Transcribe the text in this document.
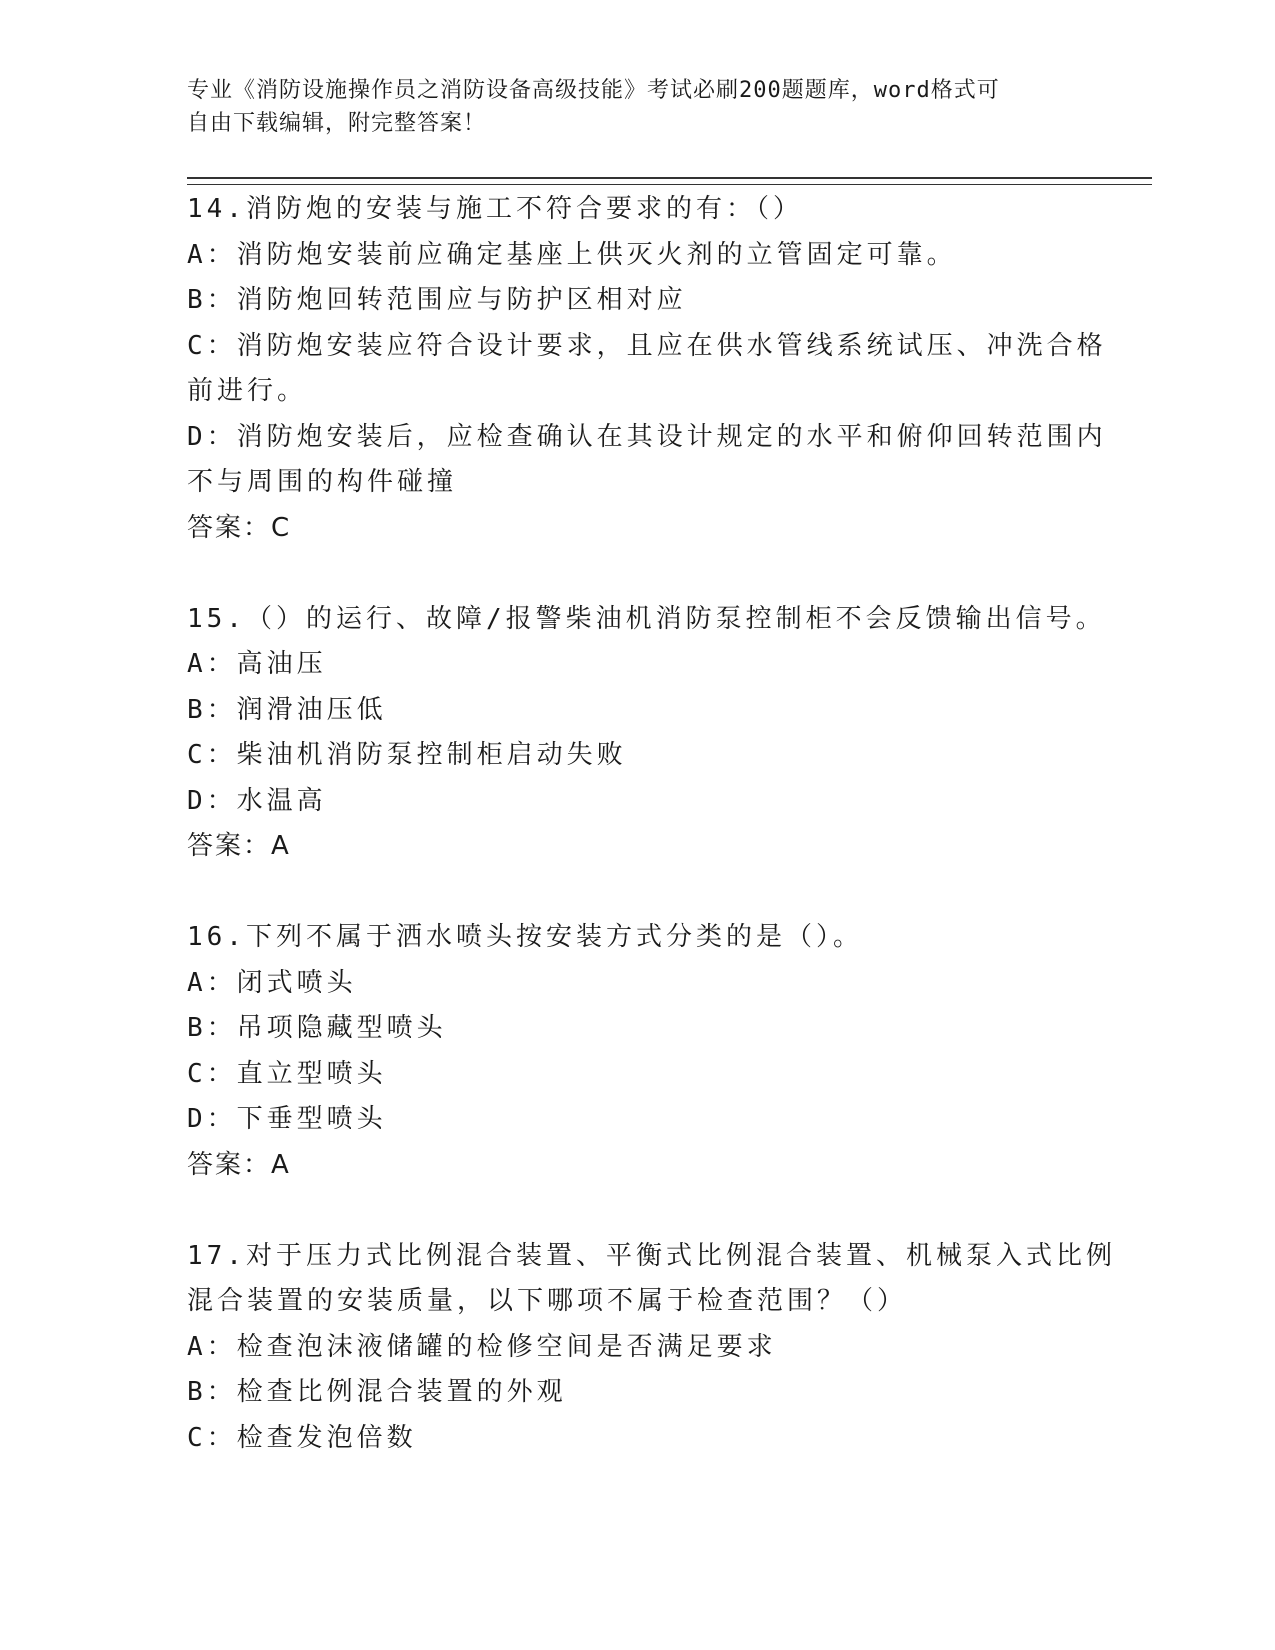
专业《消防设施操作员之消防设备高级技能》考试必刷200题题库，word格式可
自由下载编辑，附完整答案！
14.消防炮的安装与施工不符合要求的有：（）
A：消防炮安装前应确定基座上供灭火剂的立管固定可靠。
B：消防炮回转范围应与防护区相对应
C：消防炮安装应符合设计要求，且应在供水管线系统试压、冲洗合格
前进行。
D：消防炮安装后，应检查确认在其设计规定的水平和俯仰回转范围内
不与周围的构件碰撞
答案：C
15.（）的运行、故障/报警柴油机消防泵控制柜不会反馈输出信号。
A：高油压
B：润滑油压低
C：柴油机消防泵控制柜启动失败
D：水温高
答案：A
16.下列不属于洒水喷头按安装方式分类的是（）。
A：闭式喷头
B：吊项隐藏型喷头
C：直立型喷头
D：下垂型喷头
答案：A
17.对于压力式比例混合装置、平衡式比例混合装置、机械泵入式比例
混合装置的安装质量，以下哪项不属于检查范围？（）
A：检查泡沫液储罐的检修空间是否满足要求
B：检查比例混合装置的外观
C：检查发泡倍数
